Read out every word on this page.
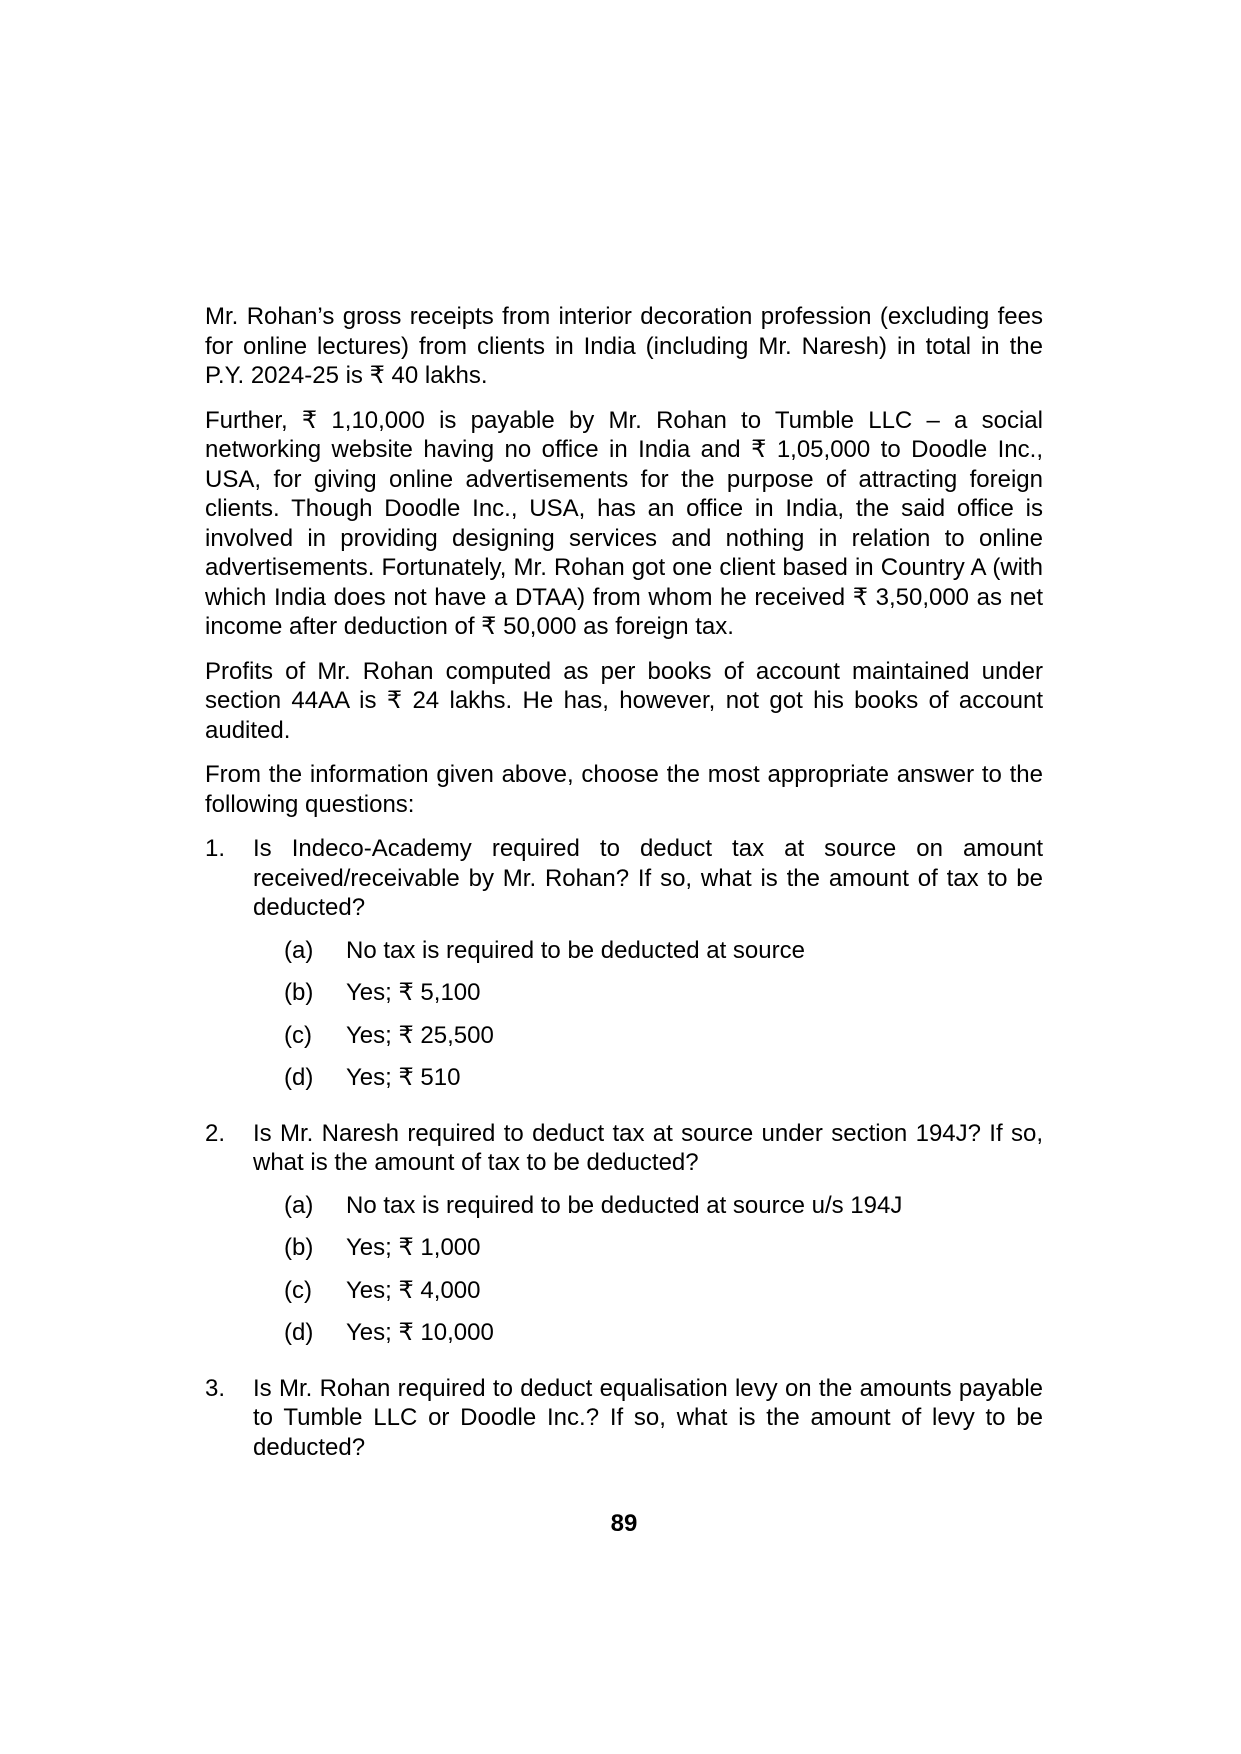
Mr. Rohan’s gross receipts from interior decoration profession (excluding fees for online lectures) from clients in India (including Mr. Naresh) in total in the P.Y. 2024-25 is ₹ 40 lakhs.

Further, ₹ 1,10,000 is payable by Mr. Rohan to Tumble LLC – a social networking website having no office in India and ₹ 1,05,000 to Doodle Inc., USA, for giving online advertisements for the purpose of attracting foreign clients. Though Doodle Inc., USA, has an office in India, the said office is involved in providing designing services and nothing in relation to online advertisements. Fortunately, Mr. Rohan got one client based in Country A (with which India does not have a DTAA) from whom he received ₹ 3,50,000 as net income after deduction of ₹ 50,000 as foreign tax.

Profits of Mr. Rohan computed as per books of account maintained under section 44AA is ₹ 24 lakhs. He has, however, not got his books of account audited.

From the information given above, choose the most appropriate answer to the following questions:

1.	Is Indeco-Academy required to deduct tax at source on amount received/receivable by Mr. Rohan? If so, what is the amount of tax to be deducted?
(a)	No tax is required to be deducted at source
(b)	Yes; ₹ 5,100
(c)	Yes; ₹ 25,500
(d)	Yes; ₹ 510
2.	Is Mr. Naresh required to deduct tax at source under section 194J? If so, what is the amount of tax to be deducted?
(a)	No tax is required to be deducted at source u/s 194J
(b)	Yes; ₹ 1,000
(c)	Yes; ₹ 4,000
(d)	Yes; ₹ 10,000
3.	Is Mr. Rohan required to deduct equalisation levy on the amounts payable to Tumble LLC or Doodle Inc.? If so, what is the amount of levy to be deducted?
89
